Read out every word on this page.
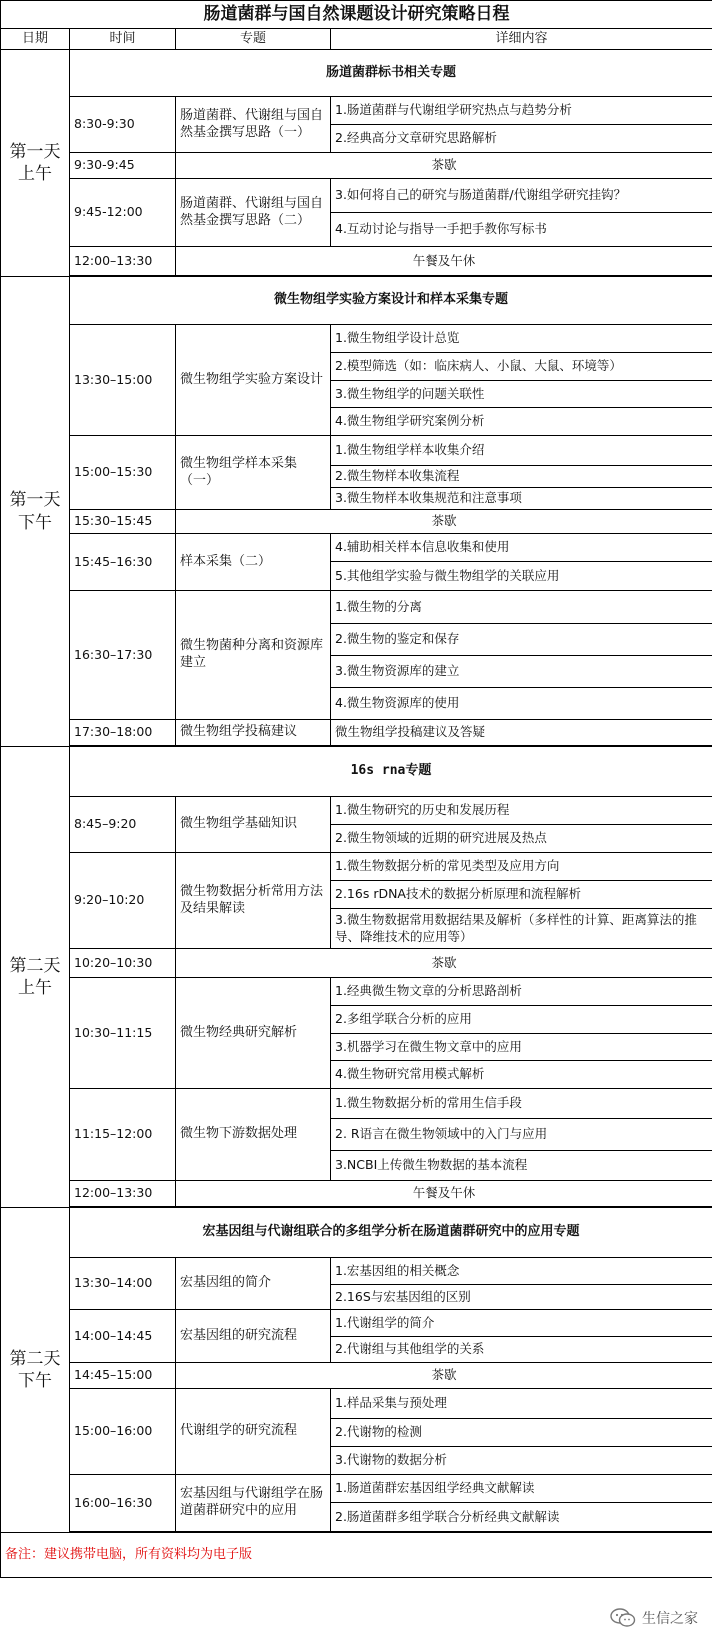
肠道菌群与国自然课题设计研究策略日程			
日期	时间	专题	详细内容
第一天
上午	肠道菌群标书相关专题		
	8:30-9:30	肠道菌群、代谢组与国自然基金撰写思路（一）	1.肠道菌群与代谢组学研究热点与趋势分析
			2.经典高分文章研究思路解析
	9:30-9:45	茶歇	
	9:45-12:00	肠道菌群、代谢组与国自然基金撰写思路（二）	3.如何将自己的研究与肠道菌群/代谢组学研究挂钩？
			4.互动讨论与指导一手把手教你写标书
	12:00–13:30	午餐及午休	

第一天
下午	微生物组学实验方案设计和样本采集专题		
	13:30–15:00	微生物组学实验方案设计	1.微生物组学设计总览
			2.模型筛选（如：临床病人、小鼠、大鼠、环境等）
			3.微生物组学的问题关联性
			4.微生物组学研究案例分析
	15:00–15:30	微生物组学样本采集（一）	1.微生物组学样本收集介绍
			2.微生物样本收集流程
			3.微生物样本收集规范和注意事项
	15:30–15:45	茶歇	
	15:45–16:30	样本采集（二）	4.辅助相关样本信息收集和使用
			5.其他组学实验与微生物组学的关联应用
	16:30–17:30	微生物菌种分离和资源库建立	1.微生物的分离
			2.微生物的鉴定和保存
			3.微生物资源库的建立
			4.微生物资源库的使用
	17:30–18:00	微生物组学投稿建议	微生物组学投稿建议及答疑

第二天
上午	16s rna专题		
	8:45–9:20	微生物组学基础知识	1.微生物研究的历史和发展历程
			2.微生物领域的近期的研究进展及热点
	9:20–10:20	微生物数据分析常用方法及结果解读	1.微生物数据分析的常见类型及应用方向
			2.16s rDNA技术的数据分析原理和流程解析
			3.微生物数据常用数据结果及解析（多样性的计算、距离算法的推导、降维技术的应用等）
	10:20–10:30	茶歇	
	10:30–11:15	微生物经典研究解析	1.经典微生物文章的分析思路剖析
			2.多组学联合分析的应用
			3.机器学习在微生物文章中的应用
			4.微生物研究常用模式解析
	11:15–12:00	微生物下游数据处理	1.微生物数据分析的常用生信手段
			2. R语言在微生物领域中的入门与应用
			3.NCBI上传微生物数据的基本流程
	12:00–13:30	午餐及午休	

第二天
下午	宏基因组与代谢组联合的多组学分析在肠道菌群研究中的应用专题		
	13:30–14:00	宏基因组的简介	1.宏基因组的相关概念
			2.16S与宏基因组的区别
	14:00–14:45	宏基因组的研究流程	1.代谢组学的简介
			2.代谢组与其他组学的关系
	14:45–15:00	茶歇	
	15:00–16:00	代谢组学的研究流程	1.样品采集与预处理
			2.代谢物的检测
			3.代谢物的数据分析
	16:00–16:30	宏基因组与代谢组学在肠道菌群研究中的应用	1.肠道菌群宏基因组学经典文献解读
			2.肠道菌群多组学联合分析经典文献解读

备注：建议携带电脑，所有资料均为电子版			
生信之家
